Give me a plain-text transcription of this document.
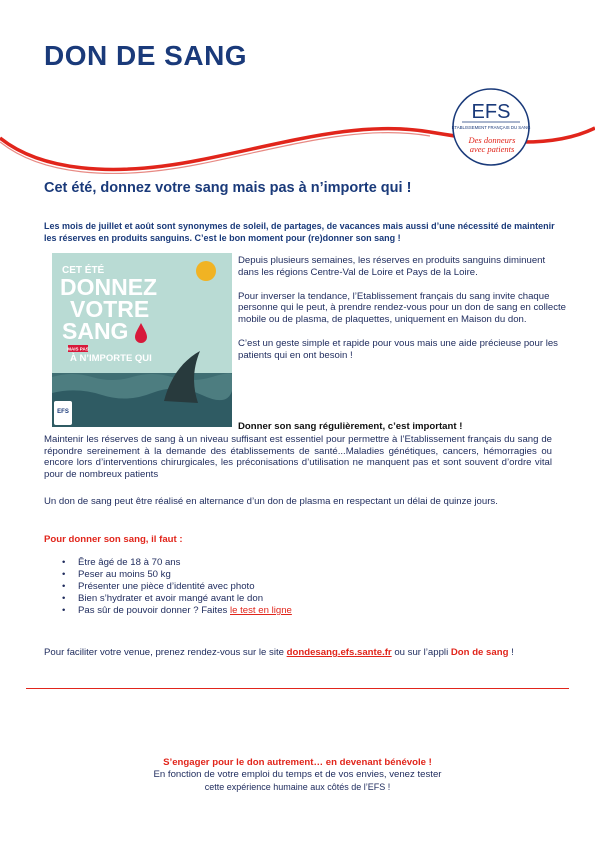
DON DE SANG
EFS
ETABLISSEMENT FRANÇAIS DU SANG
Des donneurs
avec patients
Cet été, donnez votre sang mais pas à n’importe qui !
Les mois de juillet et août sont synonymes de soleil, de partages, de vacances mais aussi d’une nécessité de maintenir les réserves en produits sanguins. C’est le bon moment pour (re)donner son sang !
CET ÉTÉ
DONNEZ
VOTRE
SANG
MAIS PAS
À N’IMPORTE QUI
EFS

Depuis plusieurs semaines, les réserves en produits sanguins diminuent dans les régions Centre-Val de Loire et Pays de la Loire.

Pour inverser la tendance, l’Etablissement français du sang invite chaque personne qui le peut, à prendre rendez-vous pour un don de sang en collecte mobile ou de plasma, de plaquettes, uniquement en Maison du don.

C’est un geste simple et rapide pour vous mais une aide précieuse pour les patients qui en ont besoin !

Donner son sang régulièrement, c’est important !
Maintenir les réserves de sang à un niveau suffisant est essentiel pour permettre à l’Etablissement français du sang de répondre sereinement à la demande des établissements de santé...Maladies génétiques, cancers, hémorragies ou encore lors d’interventions chirurgicales, les préconisations d’utilisation ne manquent pas et sont souvent d’ordre vital pour de nombreux patients
Un don de sang peut être réalisé en alternance d’un don de plasma en respectant un délai de quinze jours.
Pour donner son sang, il faut :
• Être âgé de 18 à 70 ans
• Peser au moins 50 kg
• Présenter une pièce d’identité avec photo
• Bien s’hydrater et avoir mangé avant le don
• Pas sûr de pouvoir donner ? Faites le test en ligne
Pour faciliter votre venue, prenez rendez-vous sur le site dondesang.efs.sante.fr ou sur l’appli Don de sang !
S’engager pour le don autrement… en devenant bénévole !
En fonction de votre emploi du temps et de vos envies, venez tester
cette expérience humaine aux côtés de l’EFS !
